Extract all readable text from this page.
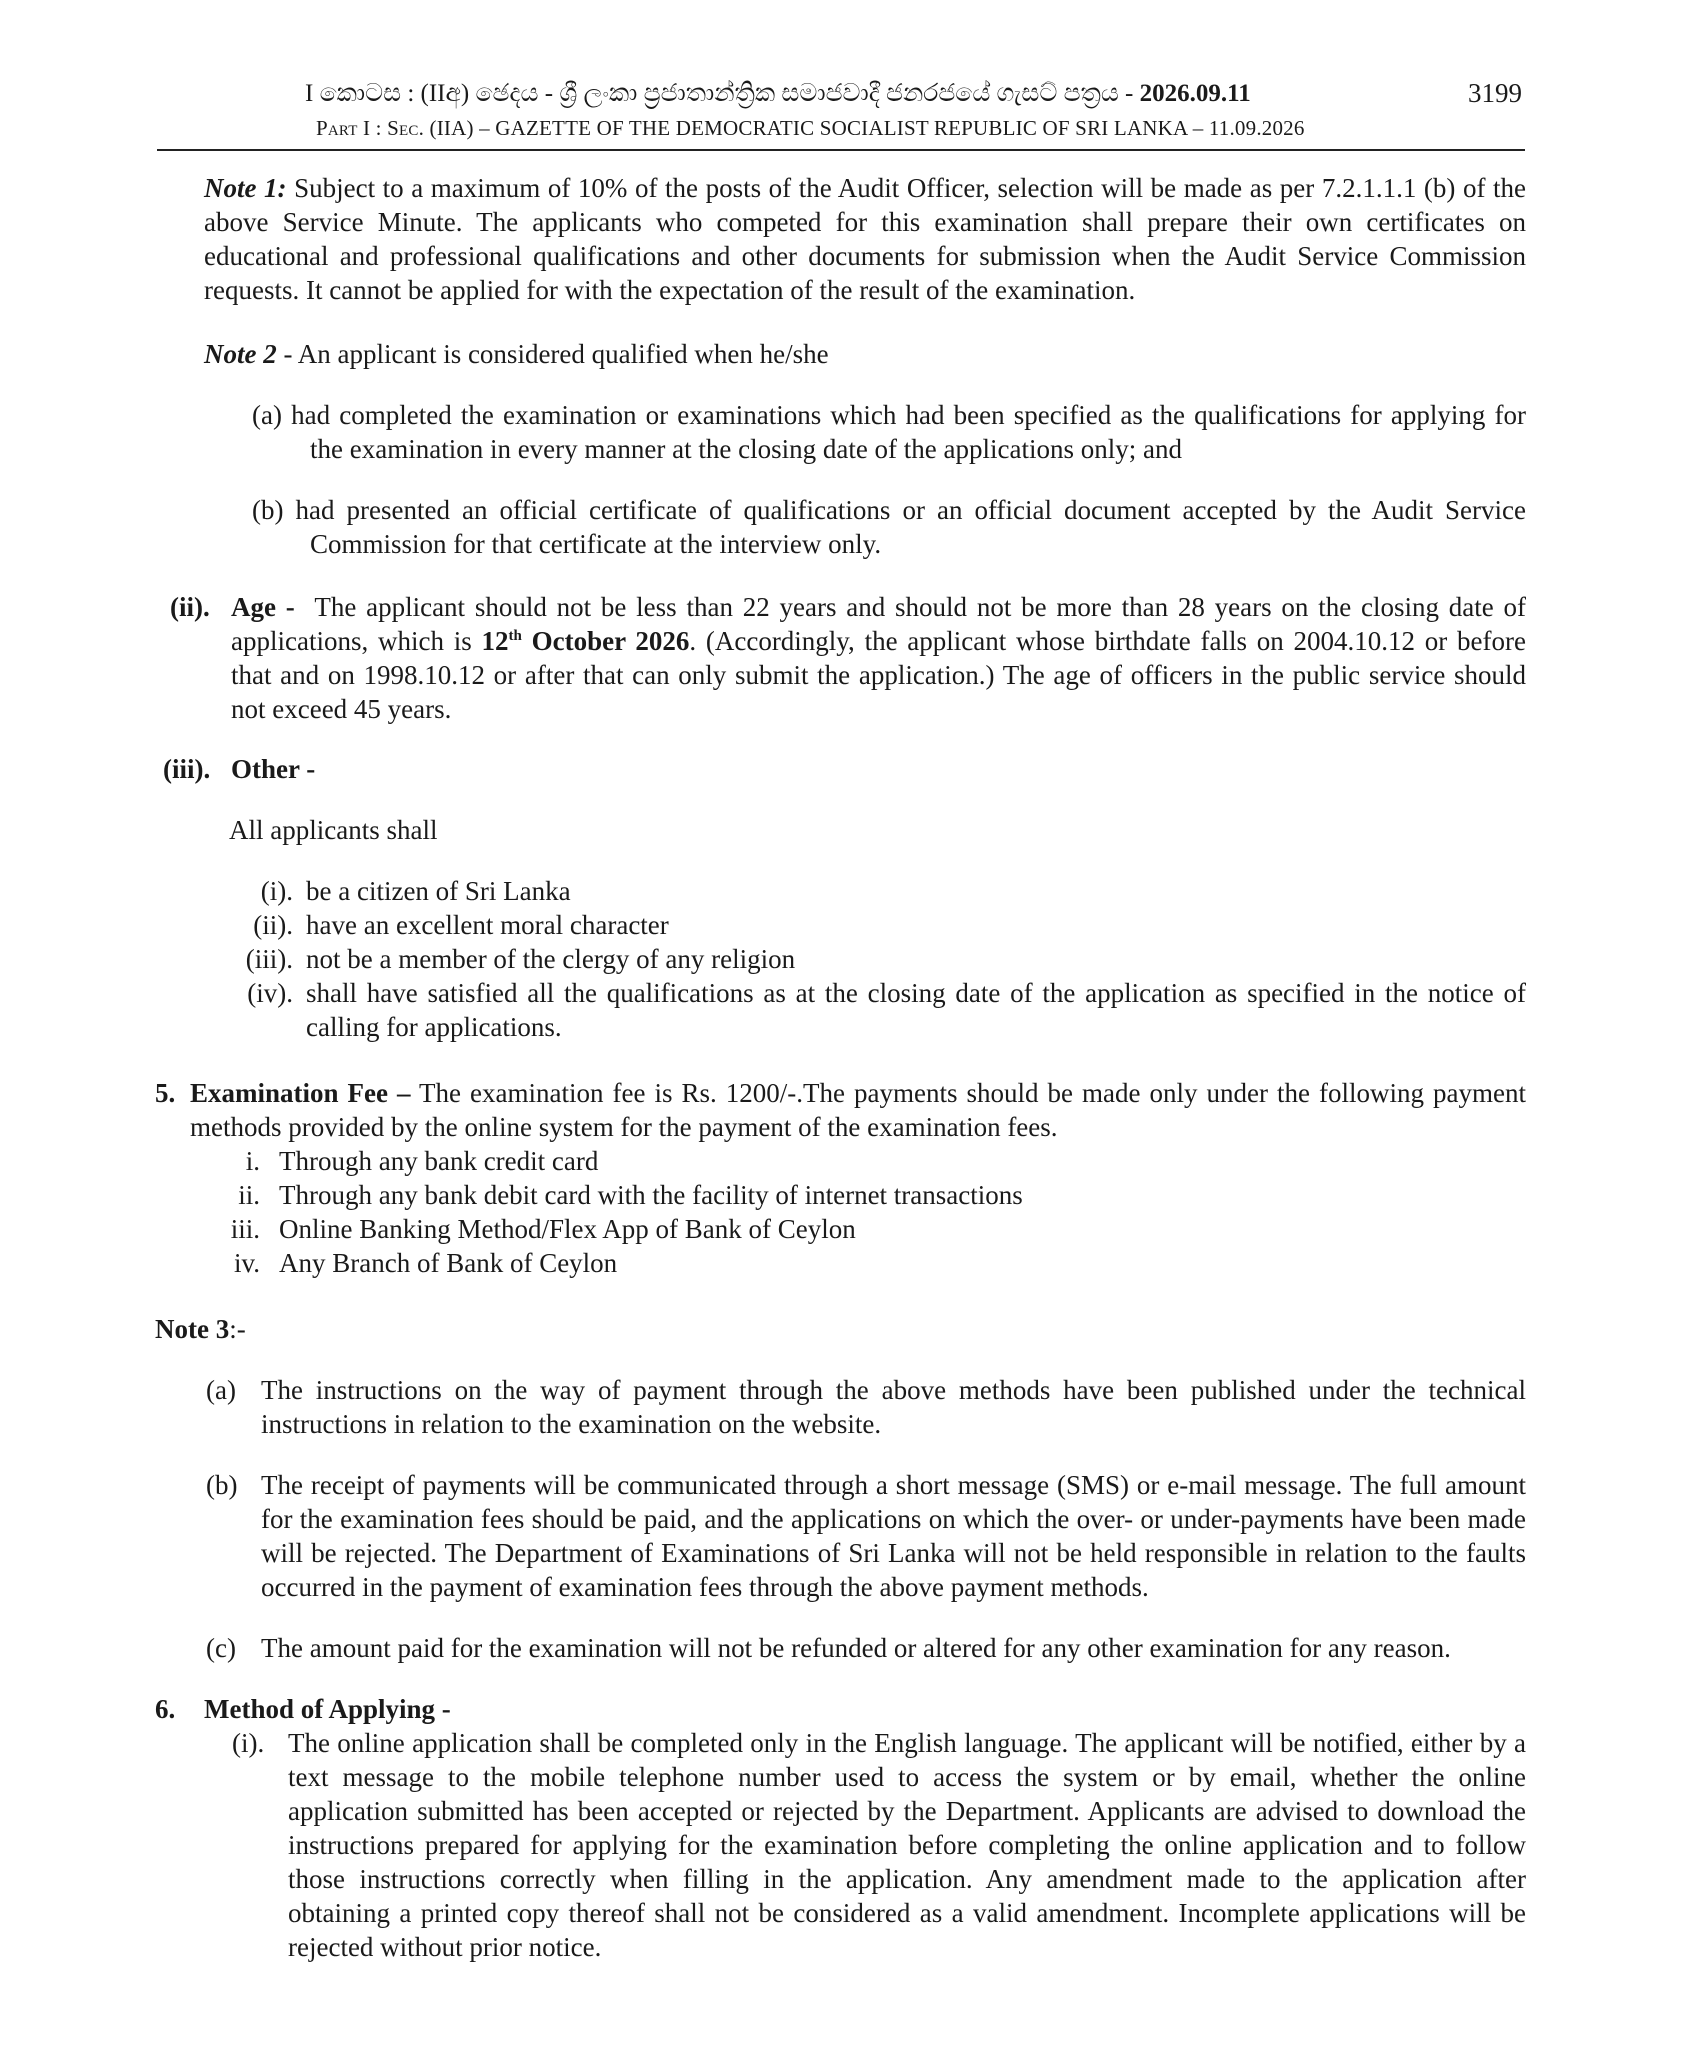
I කොටස : (IIඅ) ඡෙදය - ශ්‍රී ලංකා ප්‍රජාතාන්ත්‍රික සමාජවාදී ජනරජයේ ගැසට් පත්‍රය - 2026.09.11	3199
Part I : Sec. (IIA) – GAZETTE OF THE DEMOCRATIC SOCIALIST REPUBLIC OF SRI LANKA – 11.09.2026

Note 1: Subject to a maximum of 10% of the posts of the Audit Officer, selection will be made as per 7.2.1.1.1 (b) of the above Service Minute. The applicants who competed for this examination shall prepare their own certificates on educational and professional qualifications and other documents for submission when the Audit Service Commission requests. It cannot be applied for with the expectation of the result of the examination.

Note 2 - An applicant is considered qualified when he/she

(a) had completed the examination or examinations which had been specified as the qualifications for applying for the examination in every manner at the closing date of the applications only; and

(b) had presented an official certificate of qualifications or an official document accepted by the Audit Service Commission for that certificate at the interview only.

(ii). Age - The applicant should not be less than 22 years and should not be more than 28 years on the closing date of applications, which is 12th October 2026. (Accordingly, the applicant whose birthdate falls on 2004.10.12 or before that and on 1998.10.12 or after that can only submit the application.) The age of officers in the public service should not exceed 45 years.
(iii). Other -
All applicants shall
(i). be a citizen of Sri Lanka
(ii). have an excellent moral character
(iii). not be a member of the clergy of any religion
(iv). shall have satisfied all the qualifications as at the closing date of the application as specified in the notice of calling for applications.
5. Examination Fee – The examination fee is Rs. 1200/-.The payments should be made only under the following payment methods provided by the online system for the payment of the examination fees.
i. Through any bank credit card
ii. Through any bank debit card with the facility of internet transactions
iii. Online Banking Method/Flex App of Bank of Ceylon
iv. Any Branch of Bank of Ceylon
Note 3:-
(a) The instructions on the way of payment through the above methods have been published under the technical instructions in relation to the examination on the website.
(b) The receipt of payments will be communicated through a short message (SMS) or e-mail message. The full amount for the examination fees should be paid, and the applications on which the over- or under-payments have been made will be rejected. The Department of Examinations of Sri Lanka will not be held responsible in relation to the faults occurred in the payment of examination fees through the above payment methods.
(c) The amount paid for the examination will not be refunded or altered for any other examination for any reason.
6. Method of Applying -
(i). The online application shall be completed only in the English language. The applicant will be notified, either by a text message to the mobile telephone number used to access the system or by email, whether the online application submitted has been accepted or rejected by the Department. Applicants are advised to download the instructions prepared for applying for the examination before completing the online application and to follow those instructions correctly when filling in the application. Any amendment made to the application after obtaining a printed copy thereof shall not be considered as a valid amendment. Incomplete applications will be rejected without prior notice.
